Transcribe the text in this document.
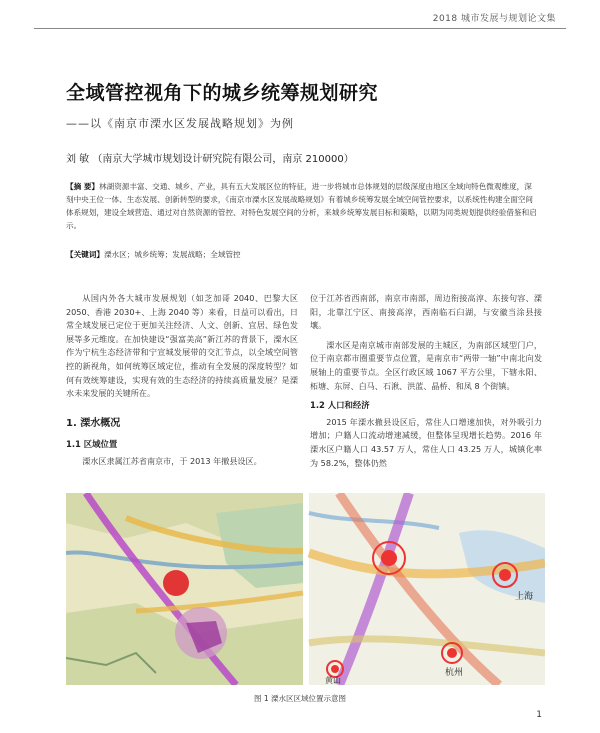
2018 城市发展与规划论文集
全域管控视角下的城乡统筹规划研究
——以《南京市溧水区发展战略规划》为例
刘 敏 （南京大学城市规划设计研究院有限公司，南京 210000）
【摘 要】林湖资源丰富、交通、城乡、产业，具有五大发展区位的特征，进一步将城市总体规划的层级深度由地区全域向特色微观维度，深刻中央王位一体、生态发展、创新转型的要求，《南京市溧水区发展战略规划》有着城乡统筹发展全域空间管控要求，以系统性构建全面空间体系规划，建设全域营造、通过对自然资源的管控、对特色发展空间的分析，来城乡统筹发展目标和策略，以期为同类规划提供经验借鉴和启示。
【关键词】溧水区；城乡统筹；发展战略；全域管控

从国内外各大城市发展规划（如芝加哥 2040、巴黎大区 2050、香港 2030+、上海 2040 等）来看，日益可以看出，日常全域发展已定位于更加关注经济、人文、创新、宜居、绿色发展等多元维度。在加快建设“强富美高”新江苏的背景下，溧水区作为宁杭生态经济带和宁宣城发展带的交汇节点，以全域空间管控的新视角，如何统筹区域定位，推动有全发展的深度转型？如何有效统筹建设，实现有效的生态经济的持续高质量发展？是溧水未来发展的关键所在。

1. 溧水概况
1.1 区域位置

溧水区隶属江苏省南京市，于 2013 年撤县设区。

位于江苏省西南部，南京市南部，周边衔接高淳、东接句容、溧阳，北靠江宁区、南接高淳，西南临石臼湖，与安徽当涂县接壤。

溧水区是南京城市南部发展的主城区，为南部区域型门户，位于南京都市圈重要节点位置，是南京市“两带一轴”中南北向发展轴上的重要节点。全区行政区域 1067 平方公里，下辖永阳、柘塘、东屏、白马、石湫、洪蓝、晶桥、和凤 8 个街镇。

1.2 人口和经济

2015 年溧水撤县设区后，常住人口增速加快，对外吸引力增加；户籍人口流动增速减缓，但整体呈现增长趋势。2016 年溧水区户籍人口 43.57 万人，常住人口 43.25 万人，城镇化率为 58.2%，整体仍然

上海
杭州
黄山
图 1 溧水区区域位置示意图
1
